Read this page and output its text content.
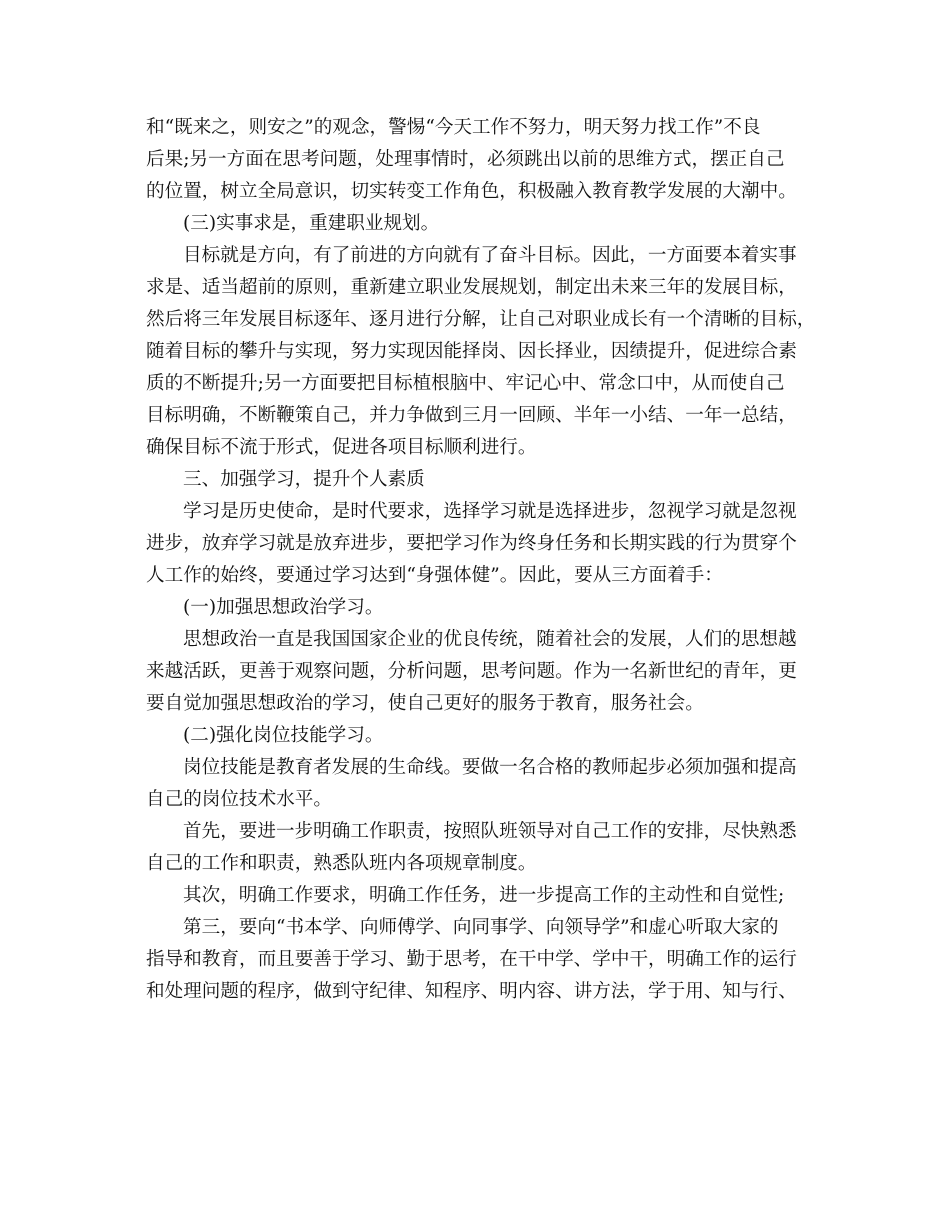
和“既来之，则安之”的观念，警惕“今天工作不努力，明天努力找工作”不良
后果;另一方面在思考问题，处理事情时，必须跳出以前的思维方式，摆正自己
的位置，树立全局意识，切实转变工作角色，积极融入教育教学发展的大潮中。
(三)实事求是，重建职业规划。
目标就是方向，有了前进的方向就有了奋斗目标。因此，一方面要本着实事
求是、适当超前的原则，重新建立职业发展规划，制定出未来三年的发展目标，
然后将三年发展目标逐年、逐月进行分解，让自己对职业成长有一个清晰的目标，
随着目标的攀升与实现，努力实现因能择岗、因长择业，因绩提升，促进综合素
质的不断提升;另一方面要把目标植根脑中、牢记心中、常念口中，从而使自己
目标明确，不断鞭策自己，并力争做到三月一回顾、半年一小结、一年一总结，
确保目标不流于形式，促进各项目标顺利进行。
三、加强学习，提升个人素质
学习是历史使命，是时代要求，选择学习就是选择进步，忽视学习就是忽视
进步，放弃学习就是放弃进步，要把学习作为终身任务和长期实践的行为贯穿个
人工作的始终，要通过学习达到“身强体健”。因此，要从三方面着手：
(一)加强思想政治学习。
思想政治一直是我国国家企业的优良传统，随着社会的发展，人们的思想越
来越活跃，更善于观察问题，分析问题，思考问题。作为一名新世纪的青年，更
要自觉加强思想政治的学习，使自己更好的服务于教育，服务社会。
(二)强化岗位技能学习。
岗位技能是教育者发展的生命线。要做一名合格的教师起步必须加强和提高
自己的岗位技术水平。
首先，要进一步明确工作职责，按照队班领导对自己工作的安排，尽快熟悉
自己的工作和职责，熟悉队班内各项规章制度。
其次，明确工作要求，明确工作任务，进一步提高工作的主动性和自觉性;
第三，要向“书本学、向师傅学、向同事学、向领导学”和虚心听取大家的
指导和教育，而且要善于学习、勤于思考，在干中学、学中干，明确工作的运行
和处理问题的程序，做到守纪律、知程序、明内容、讲方法，学于用、知与行、
